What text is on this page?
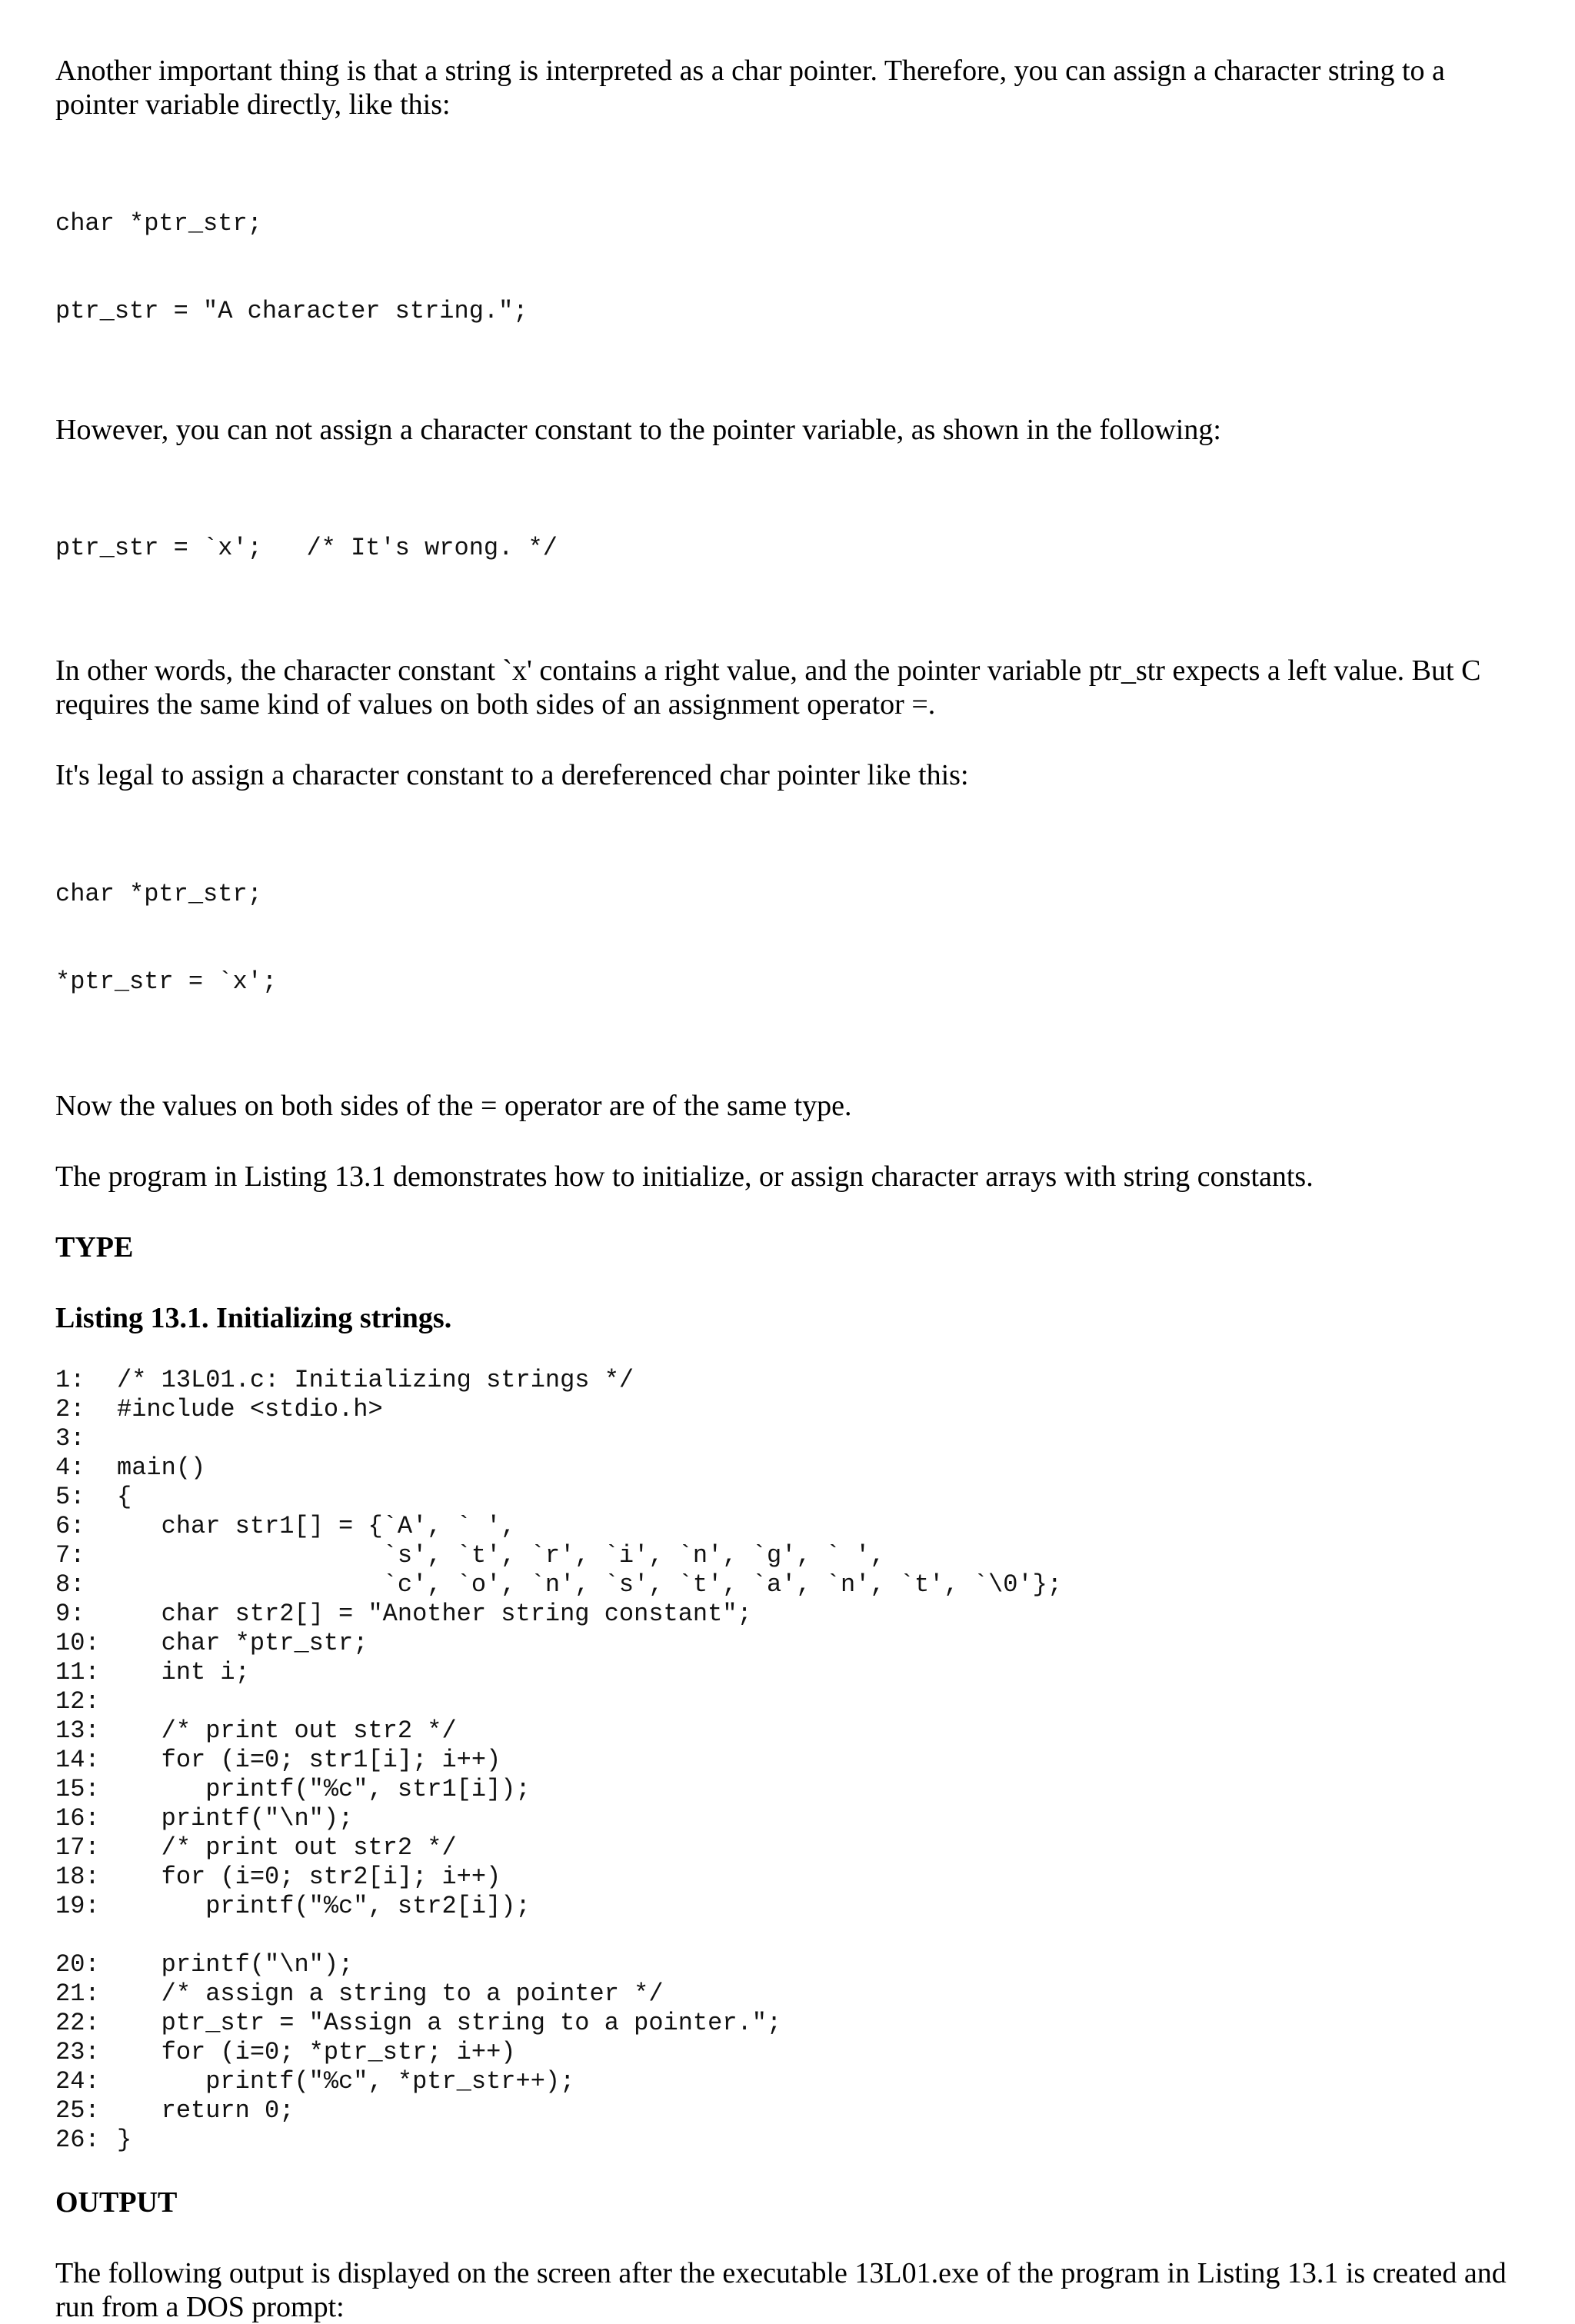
Another important thing is that a string is interpreted as a char pointer. Therefore, you can assign a character string to a pointer variable directly, like this:

char *ptr_str;

ptr_str = "A character string.";

However, you can not assign a character constant to the pointer variable, as shown in the following:

ptr_str = `x';   /* It's wrong. */

In other words, the character constant `x' contains a right value, and the pointer variable ptr_str expects a left value. But C requires the same kind of values on both sides of an assignment operator =.

It's legal to assign a character constant to a dereferenced char pointer like this:

char *ptr_str;

*ptr_str = `x';

Now the values on both sides of the = operator are of the same type.

The program in Listing 13.1 demonstrates how to initialize, or assign character arrays with string constants.

TYPE

Listing 13.1. Initializing strings.

1:	/* 13L01.c: Initializing strings */
2:	#include <stdio.h>
3:
4:	main()
5:	{
6:	char str1[] = {`A', ` ',
7:	`s', `t', `r', `i', `n', `g', ` ',
8:	`c', `o', `n', `s', `t', `a', `n', `t', `\0'};
9:	char str2[] = "Another string constant";
10: char *ptr_str;
11: int i;
12:
13: /* print out str2 */
14: for (i=0; str1[i]; i++)
15: printf("%c", str1[i]);
16: printf("\n");
17: /* print out str2 */
18: for (i=0; str2[i]; i++)
19: printf("%c", str2[i]);
20: printf("\n");
21: /* assign a string to a pointer */
22: ptr_str = "Assign a string to a pointer.";
23: for (i=0; *ptr_str; i++)
24: printf("%c", *ptr_str++);
25: return 0;
26: }

OUTPUT

The following output is displayed on the screen after the executable 13L01.exe of the program in Listing 13.1 is created and run from a DOS prompt:
